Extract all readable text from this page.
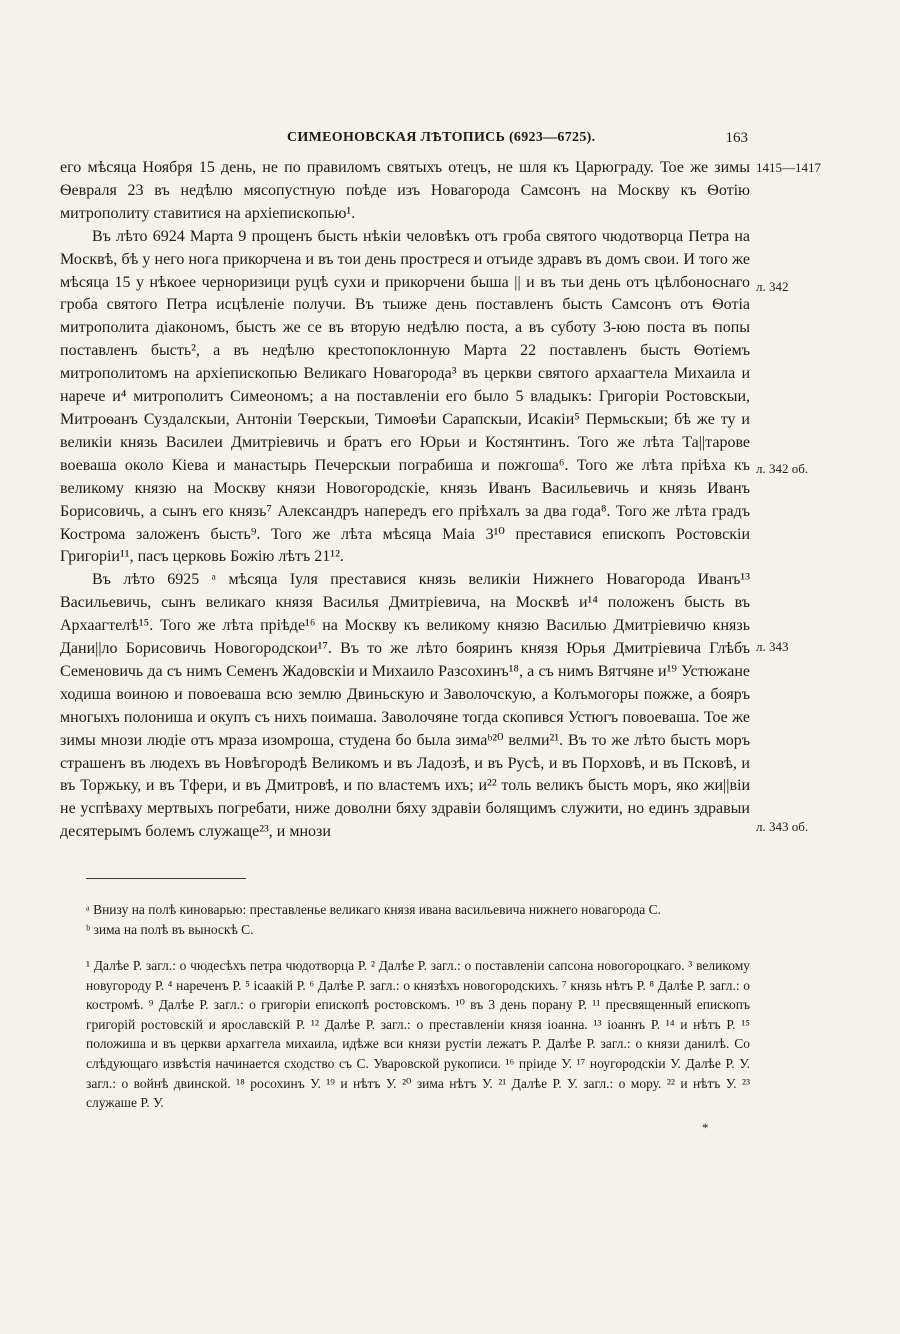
СИМЕОНОВСКАЯ ЛѢТОПИСЬ (6923—6725).	163

его мѣсяца Ноября 15 день, не по правиломъ святыхъ отецъ, не шля къ Царюграду. Тое же зимы Ѳевраля 23 въ недѣлю мясопустную поѣде изъ Новагорода Самсонъ на Москву къ Ѳотію митрополиту ставитися на архіепископью¹.

Въ лѣто 6924 Марта 9 прощенъ бысть нѣкіи человѣкъ отъ гроба святого чюдотворца Петра на Москвѣ, бѣ у него нога прикорчена и въ тои день простреся и отъиде здравъ въ домъ свои. И того же мѣсяца 15 у нѣкоее черноризици руцѣ сухи и прикорчени быша || и въ тьи день отъ цѣлбоноснаго гроба святого Петра исцѣленіе получи. Въ тыиже день поставленъ бысть Самсонъ отъ Ѳотіа митрополита діакономъ, бысть же се въ вторую недѣлю поста, а въ суботу 3-юю поста въ попы поставленъ бысть², а въ недѣлю крестопоклонную Марта 22 поставленъ бысть Ѳотіемъ митрополитомъ на архіепископью Великаго Новагорода³ въ церкви святого архаагтела Михаила и нарече и⁴ митрополитъ Симеономъ; а на поставленіи его было 5 владыкъ: Григоріи Ростовскыи, Митроѳанъ Суздалскыи, Антоніи Тѳерскыи, Тимоѳѣи Сарапскыи, Исакіи⁵ Пермьскыи; бѣ же ту и великіи князь Василеи Дмитріевичь и братъ его Юрьи и Костянтинъ. Того же лѣта Та||тарове воеваша около Кіева и манастырь Печерскыи пограбиша и пожгоша⁶. Того же лѣта пріѣха къ великому князю на Москву князи Новогородскіе, князь Иванъ Васильевичь и князь Иванъ Борисовичь, а сынъ его князь⁷ Александръ напередъ его пріѣхалъ за два года⁸. Того же лѣта градъ Кострома заложенъ бысть⁹. Того же лѣта мѣсяца Маіа 3¹⁰ преставися епископъ Ростовскіи Григоріи¹¹, пасъ церковь Божію лѣтъ 21¹².

Въ лѣто 6925 ᵃ мѣсяца Іуля преставися князь великіи Нижнего Новагорода Иванъ¹³ Васильевичь, сынъ великаго князя Василья Дмитріевича, на Москвѣ и¹⁴ положенъ бысть въ Архаагтелѣ¹⁵. Того же лѣта пріѣде¹⁶ на Москву къ великому князю Василью Дмитріевичю князь Дани||ло Борисовичь Новогородскои¹⁷. Въ то же лѣто бояринъ князя Юрья Дмитріевича Глѣбъ Семеновичь да съ нимъ Семенъ Жадовскіи и Михаило Разсохинъ¹⁸, а съ нимъ Вятчяне и¹⁹ Устюжане ходиша воиною и повоеваша всю землю Двиньскую и Заволочскую, а Колъмогоры пожже, а бояръ многыхъ полониша и окупъ съ нихъ поимаша. Заволочяне тогда скопився Устюгъ повоеваша. Тое же зимы мнози людіе отъ мраза изомроша, студена бо была зимаᵇ²⁰ велми²¹. Въ то же лѣто бысть моръ страшенъ въ людехъ въ Новѣгородѣ Великомъ и въ Ладозѣ, и въ Русѣ, и въ Порховѣ, и въ Псковѣ, и въ Торжьку, и въ Тфери, и въ Дмитровѣ, и по властемъ ихъ; и²² толь великъ бысть моръ, яко жи||віи не успѣваху мертвыхъ погребати, ниже доволни бяху здравіи болящимъ служити, но единъ здравыи десятерымъ болемъ служаще²³, и мнози

1415—1417
л. 342
л. 342 об.
л. 343
л. 343 об.

ᵃ Внизу на полѣ киноварью: преставленье великагo князя ивана васильевича нижнего новагорода С.

ᵇ зима на полѣ въ выноскѣ С.

¹ Далѣе Р. загл.: о чюдесѣхъ петра чюдотворца Р. ² Далѣе Р. загл.: о поставленіи сапсона новогороцкаго. ³ великому новугороду Р. ⁴ нареченъ Р. ⁵ ісаакій Р. ⁶ Далѣе Р. загл.: о князѣхъ новогородскихъ. ⁷ князь нѣтъ Р. ⁸ Далѣе Р. загл.: о костромѣ. ⁹ Далѣе Р. загл.: о григоріи епископѣ ростовскомъ. ¹⁰ въ 3 день порану Р. ¹¹ пресвященный епископъ григорій ростовскій и ярославскій Р. ¹² Далѣе Р. загл.: о преставленіи князя іоанна. ¹³ іоаннъ Р. ¹⁴ и нѣтъ Р. ¹⁵ положиша и въ церкви архаггела михаила, идѣже вси князи рустіи лежатъ Р. Далѣе Р. загл.: о князи данилѣ. Со слѣдующаго извѣстія начинается сходство съ С. Уваровской рукописи. ¹⁶ пріиде У. ¹⁷ ноугородскіи У. Далѣе Р. У. загл.: о войнѣ двинской. ¹⁸ росохинъ У. ¹⁹ и нѣтъ У. ²⁰ зима нѣтъ У. ²¹ Далѣе Р. У. загл.: о мору. ²² и нѣтъ У. ²³ служаше Р. У.
*
